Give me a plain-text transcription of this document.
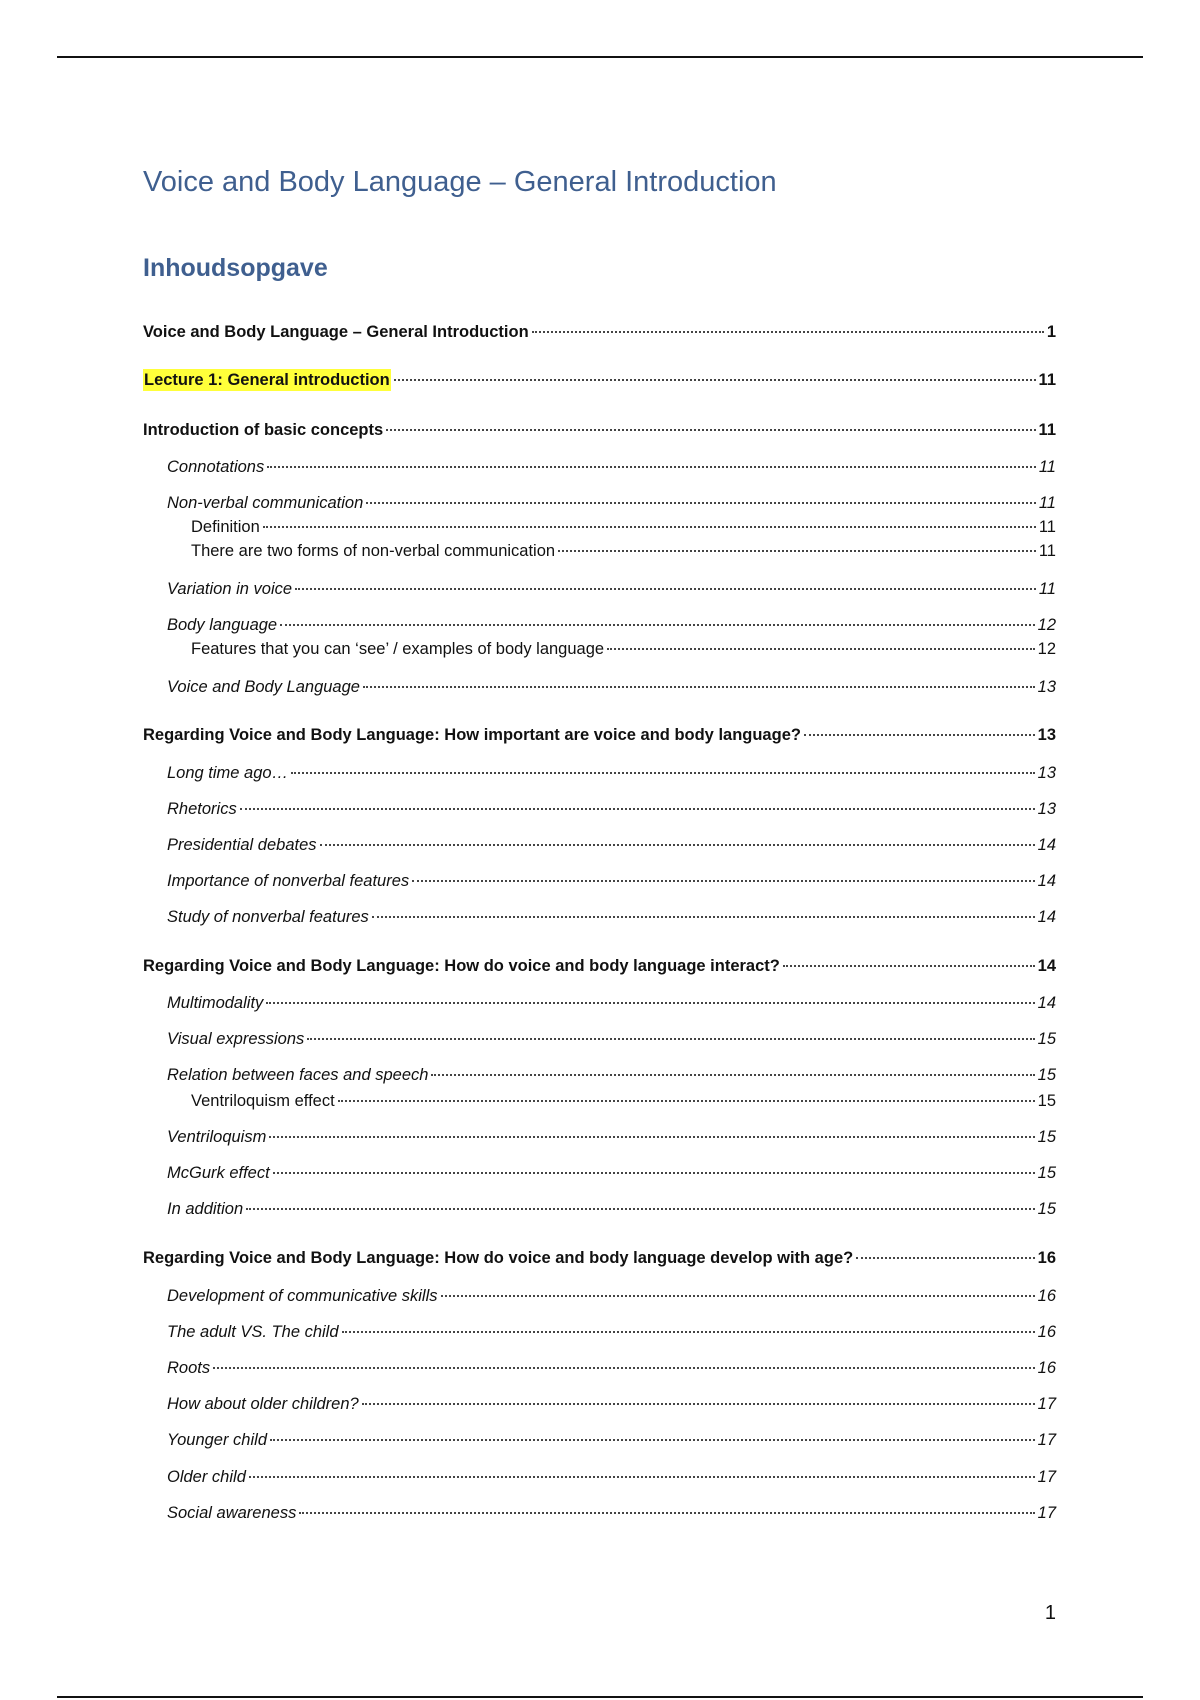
Voice and Body Language – General Introduction
Inhoudsopgave
Voice and Body Language – General Introduction	1
Lecture 1: General introduction	11
Introduction of basic concepts	11
Connotations	11
Non-verbal communication	11
Definition	11
There are two forms of non-verbal communication	11
Variation in voice	11
Body language	12
Features that you can ‘see’ / examples of body language	12
Voice and Body Language	13
Regarding Voice and Body Language: How important are voice and body language?	13
Long time ago…	13
Rhetorics	13
Presidential debates	14
Importance of nonverbal features	14
Study of nonverbal features	14
Regarding Voice and Body Language: How do voice and body language interact?	14
Multimodality	14
Visual expressions	15
Relation between faces and speech	15
Ventriloquism effect	15
Ventriloquism	15
McGurk effect	15
In addition	15
Regarding Voice and Body Language: How do voice and body language develop with age?	16
Development of communicative skills	16
The adult VS. The child	16
Roots	16
How about older children?	17
Younger child	17
Older child	17
Social awareness	17
1
